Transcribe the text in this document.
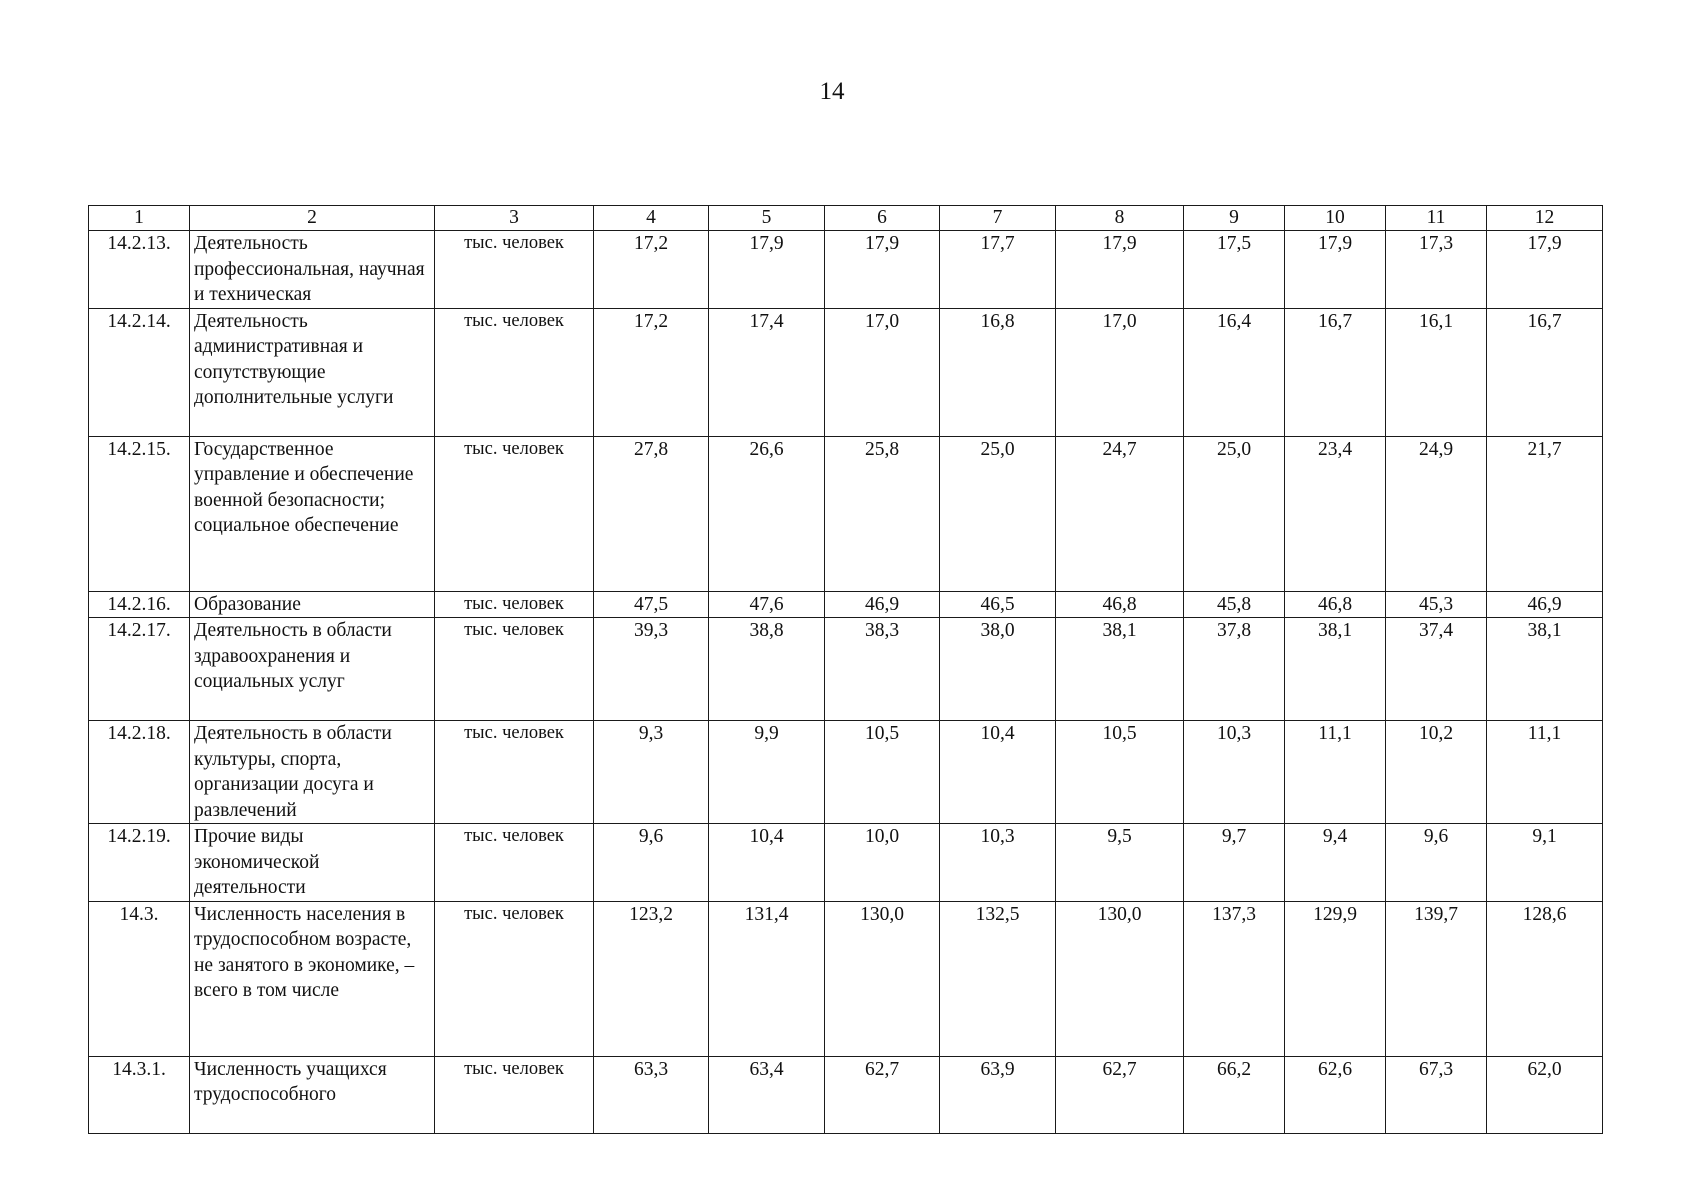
14
1	2	3	4	5	6	7	8	9	10	11	12
14.2.13.	Деятельность профессиональная, научная и техническая	тыс. человек	17,2	17,9	17,9	17,7	17,9	17,5	17,9	17,3	17,9
14.2.14.	Деятельность административная и сопутствующие дополнительные услуги	тыс. человек	17,2	17,4	17,0	16,8	17,0	16,4	16,7	16,1	16,7
14.2.15.	Государственное управление и обеспечение военной безопасности; социальное обеспечение	тыс. человек	27,8	26,6	25,8	25,0	24,7	25,0	23,4	24,9	21,7
14.2.16.	Образование	тыс. человек	47,5	47,6	46,9	46,5	46,8	45,8	46,8	45,3	46,9
14.2.17.	Деятельность в области здравоохранения и социальных услуг	тыс. человек	39,3	38,8	38,3	38,0	38,1	37,8	38,1	37,4	38,1
14.2.18.	Деятельность в области культуры, спорта, организации досуга и развлечений	тыс. человек	9,3	9,9	10,5	10,4	10,5	10,3	11,1	10,2	11,1
14.2.19.	Прочие виды экономической деятельности	тыс. человек	9,6	10,4	10,0	10,3	9,5	9,7	9,4	9,6	9,1
14.3.	Численность населения в трудоспособном возрасте, не занятого в экономике, – всего в том числе	тыс. человек	123,2	131,4	130,0	132,5	130,0	137,3	129,9	139,7	128,6
14.3.1.	Численность учащихся трудоспособного	тыс. человек	63,3	63,4	62,7	63,9	62,7	66,2	62,6	67,3	62,0
